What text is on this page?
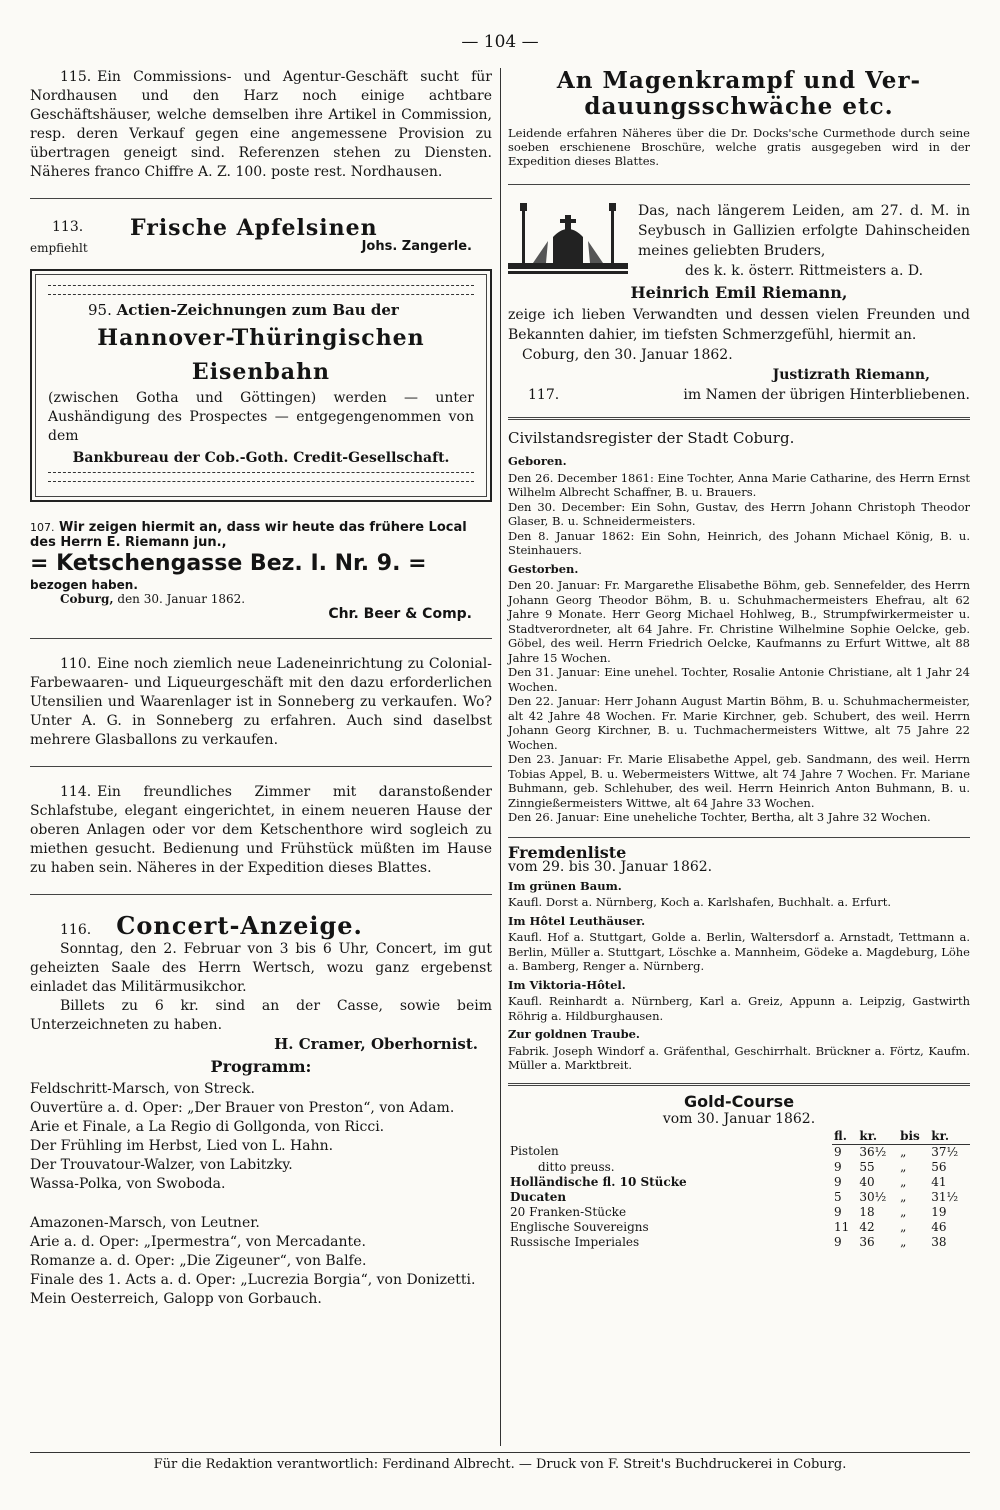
— 104 —
115. Ein Commissions- und Agentur-Geschäft sucht für Nordhausen und den Harz noch einige achtbare Geschäftshäuser, welche demselben ihre Artikel in Commission, resp. deren Verkauf gegen eine angemessene Provision zu übertragen geneigt sind. Referenzen stehen zu Diensten. Näheres franco Chiffre A. Z. 100. poste rest. Nordhausen.
113. Frische Apfelsinen
empfiehlt	Johs. Zangerle.

95. Actien-Zeichnungen zum Bau der

Hannover-Thüringischen Eisenbahn

(zwischen Gotha und Göttingen) werden — unter Aushändigung des Prospectes — entgegengenommen von dem

Bankbureau der Cob.-Goth. Credit-Gesellschaft.

107. Wir zeigen hiermit an, dass wir heute das frühere Local des Herrn E. Riemann jun.,

= Ketschengasse Bez. I. Nr. 9. =

bezogen haben.

Coburg, den 30. Januar 1862.

Chr. Beer & Comp.

110. Eine noch ziemlich neue Ladeneinrichtung zu Colonial-Farbewaaren- und Liqueurgeschäft mit den dazu erforderlichen Utensilien und Waarenlager ist in Sonneberg zu verkaufen. Wo? Unter A. G. in Sonneberg zu erfahren. Auch sind daselbst mehrere Glasballons zu verkaufen.
114. Ein freundliches Zimmer mit daranstoßender Schlafstube, elegant eingerichtet, in einem neueren Hause der oberen Anlagen oder vor dem Ketschenthore wird sogleich zu miethen gesucht. Bedienung und Frühstück müßten im Hause zu haben sein. Näheres in der Expedition dieses Blattes.

116. Concert-Anzeige.

Sonntag, den 2. Februar von 3 bis 6 Uhr, Concert, im gut geheizten Saale des Herrn Wertsch, wozu ganz ergebenst einladet das Militärmusikchor.

Billets zu 6 kr. sind an der Casse, sowie beim Unterzeichneten zu haben.

H. Cramer, Oberhornist.

Programm:

Feldschritt-Marsch, von Streck.

Ouvertüre a. d. Oper: „Der Brauer von Preston“, von Adam.

Arie et Finale, a La Regio di Gollgonda, von Ricci.

Der Frühling im Herbst, Lied von L. Hahn.

Der Trouvatour-Walzer, von Labitzky.

Wassa-Polka, von Swoboda.

Amazonen-Marsch, von Leutner.

Arie a. d. Oper: „Ipermestra“, von Mercadante.

Romanze a. d. Oper: „Die Zigeuner“, von Balfe.

Finale des 1. Acts a. d. Oper: „Lucrezia Borgia“, von Donizetti.

Mein Oesterreich, Galopp von Gorbauch.

An Magenkrampf und Ver-

dauungsschwäche etc.

Leidende erfahren Näheres über die Dr. Docks'sche Curmethode durch seine soeben erschienene Broschüre, welche gratis ausgegeben wird in der Expedition dieses Blattes.

Das, nach längerem Leiden, am 27. d. M. in Seybusch in Gallizien erfolgte Dahinscheiden meines geliebten Bruders,

des k. k. österr. Rittmeisters a. D.

Heinrich Emil Riemann,

zeige ich lieben Verwandten und dessen vielen Freunden und Bekannten dahier, im tiefsten Schmerzgefühl, hiermit an.

Coburg, den 30. Januar 1862.

Justizrath Riemann,

117.	im Namen der übrigen Hinterbliebenen.

Civilstandsregister der Stadt Coburg.

Geboren.

Den 26. December 1861: Eine Tochter, Anna Marie Catharine, des Herrn Ernst Wilhelm Albrecht Schaffner, B. u. Brauers.

Den 30. December: Ein Sohn, Gustav, des Herrn Johann Christoph Theodor Glaser, B. u. Schneidermeisters.

Den 8. Januar 1862: Ein Sohn, Heinrich, des Johann Michael König, B. u. Steinhauers.

Gestorben.

Den 20. Januar: Fr. Margarethe Elisabethe Böhm, geb. Sennefelder, des Herrn Johann Georg Theodor Böhm, B. u. Schuhmachermeisters Ehefrau, alt 62 Jahre 9 Monate. Herr Georg Michael Hohlweg, B., Strumpfwirkermeister u. Stadtverordneter, alt 64 Jahre. Fr. Christine Wilhelmine Sophie Oelcke, geb. Göbel, des weil. Herrn Friedrich Oelcke, Kaufmanns zu Erfurt Wittwe, alt 88 Jahre 15 Wochen.

Den 31. Januar: Eine unehel. Tochter, Rosalie Antonie Christiane, alt 1 Jahr 24 Wochen.

Den 22. Januar: Herr Johann August Martin Böhm, B. u. Schuhmachermeister, alt 42 Jahre 48 Wochen. Fr. Marie Kirchner, geb. Schubert, des weil. Herrn Johann Georg Kirchner, B. u. Tuchmachermeisters Wittwe, alt 75 Jahre 22 Wochen.

Den 23. Januar: Fr. Marie Elisabethe Appel, geb. Sandmann, des weil. Herrn Tobias Appel, B. u. Webermeisters Wittwe, alt 74 Jahre 7 Wochen. Fr. Mariane Buhmann, geb. Schlehuber, des weil. Herrn Heinrich Anton Buhmann, B. u. Zinngießermeisters Wittwe, alt 64 Jahre 33 Wochen.

Den 26. Januar: Eine uneheliche Tochter, Bertha, alt 3 Jahre 32 Wochen.

Fremdenliste

vom 29. bis 30. Januar 1862.

Im grünen Baum.

Kaufl. Dorst a. Nürnberg, Koch a. Karlshafen, Buchhalt. a. Erfurt.

Im Hôtel Leuthäuser.

Kaufl. Hof a. Stuttgart, Golde a. Berlin, Waltersdorf a. Arnstadt, Tettmann a. Berlin, Müller a. Stuttgart, Löschke a. Mannheim, Gödeke a. Magdeburg, Löhe a. Bamberg, Renger a. Nürnberg.

Im Viktoria-Hôtel.

Kaufl. Reinhardt a. Nürnberg, Karl a. Greiz, Appunn a. Leipzig, Gastwirth Röhrig a. Hildburghausen.

Zur goldnen Traube.

Fabrik. Joseph Windorf a. Gräfenthal, Geschirrhalt. Brückner a. Förtz, Kaufm. Müller a. Marktbreit.

Gold-Course

vom 30. Januar 1862.

	fl.	kr.	bis	kr.
Pistolen	9	36½	„	37½
ditto preuss.	9	55	„	56
Holländische fl. 10 Stücke	9	40	„	41
Ducaten	5	30½	„	31½
20 Franken-Stücke	9	18	„	19
Englische Souvereigns	11	42	„	46
Russische Imperiales	9	36	„	38
Für die Redaktion verantwortlich: Ferdinand Albrecht. — Druck von F. Streit's Buchdruckerei in Coburg.
